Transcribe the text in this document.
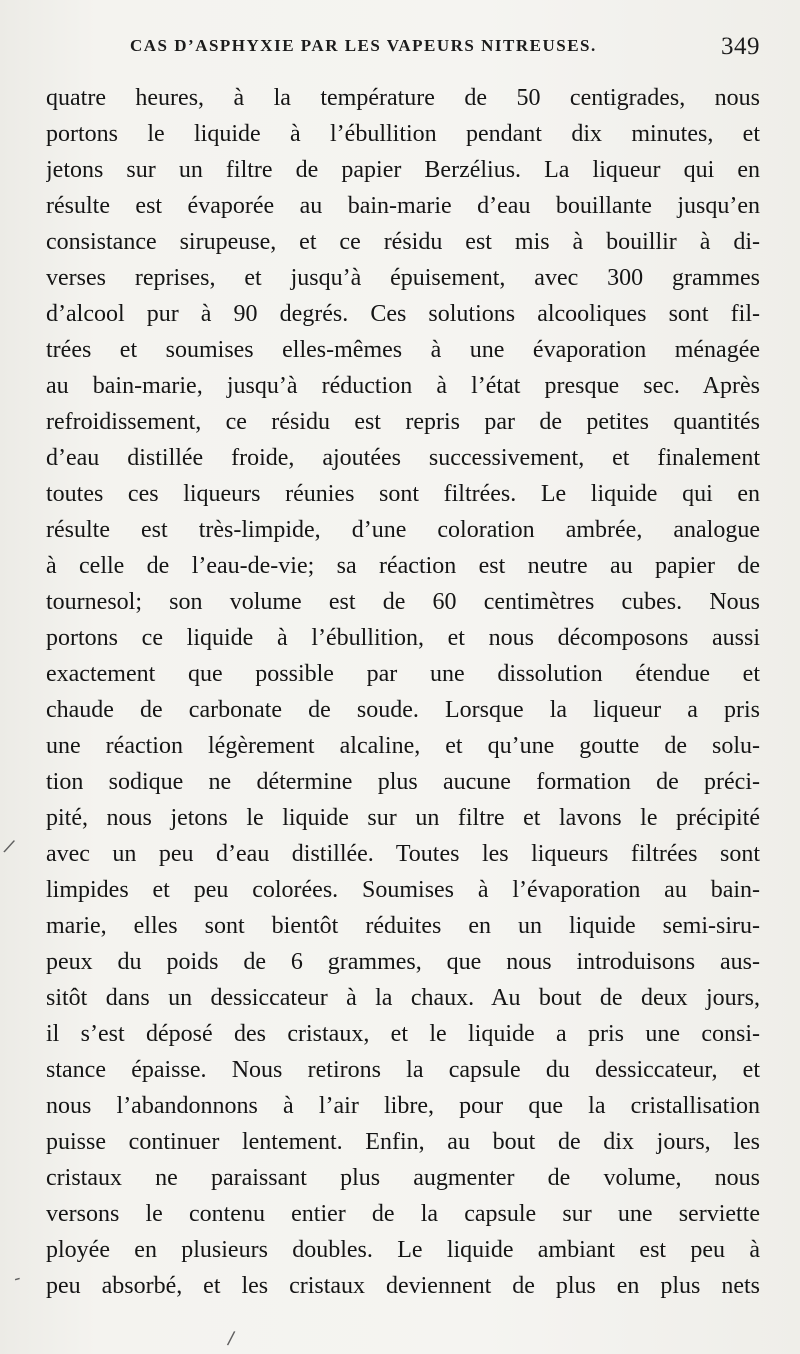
CAS D’ASPHYXIE PAR LES VAPEURS NITREUSES.	349
quatre heures, à la température de 50 centigrades, nous
portons le liquide à l’ébullition pendant dix minutes, et
jetons sur un filtre de papier Berzélius. La liqueur qui en
résulte est évaporée au bain-marie d’eau bouillante jusqu’en
consistance sirupeuse, et ce résidu est mis à bouillir à di-
verses reprises, et jusqu’à épuisement, avec 300 grammes
d’alcool pur à 90 degrés. Ces solutions alcooliques sont fil-
trées et soumises elles-mêmes à une évaporation ménagée
au bain-marie, jusqu’à réduction à l’état presque sec. Après
refroidissement, ce résidu est repris par de petites quantités
d’eau distillée froide, ajoutées successivement, et finalement
toutes ces liqueurs réunies sont filtrées. Le liquide qui en
résulte est très-limpide, d’une coloration ambrée, analogue
à celle de l’eau-de-vie; sa réaction est neutre au papier de
tournesol; son volume est de 60 centimètres cubes. Nous
portons ce liquide à l’ébullition, et nous décomposons aussi
exactement que possible par une dissolution étendue et
chaude de carbonate de soude. Lorsque la liqueur a pris
une réaction légèrement alcaline, et qu’une goutte de solu-
tion sodique ne détermine plus aucune formation de préci-
pité, nous jetons le liquide sur un filtre et lavons le précipité
avec un peu d’eau distillée. Toutes les liqueurs filtrées sont
limpides et peu colorées. Soumises à l’évaporation au bain-
marie, elles sont bientôt réduites en un liquide semi-siru-
peux du poids de 6 grammes, que nous introduisons aus-
sitôt dans un dessiccateur à la chaux. Au bout de deux jours,
il s’est déposé des cristaux, et le liquide a pris une consi-
stance épaisse. Nous retirons la capsule du dessiccateur, et
nous l’abandonnons à l’air libre, pour que la cristallisation
puisse continuer lentement. Enfin, au bout de dix jours, les
cristaux ne paraissant plus augmenter de volume, nous
versons le contenu entier de la capsule sur une serviette
ployée en plusieurs doubles. Le liquide ambiant est peu à
peu absorbé, et les cristaux deviennent de plus en plus nets
/
-
/
